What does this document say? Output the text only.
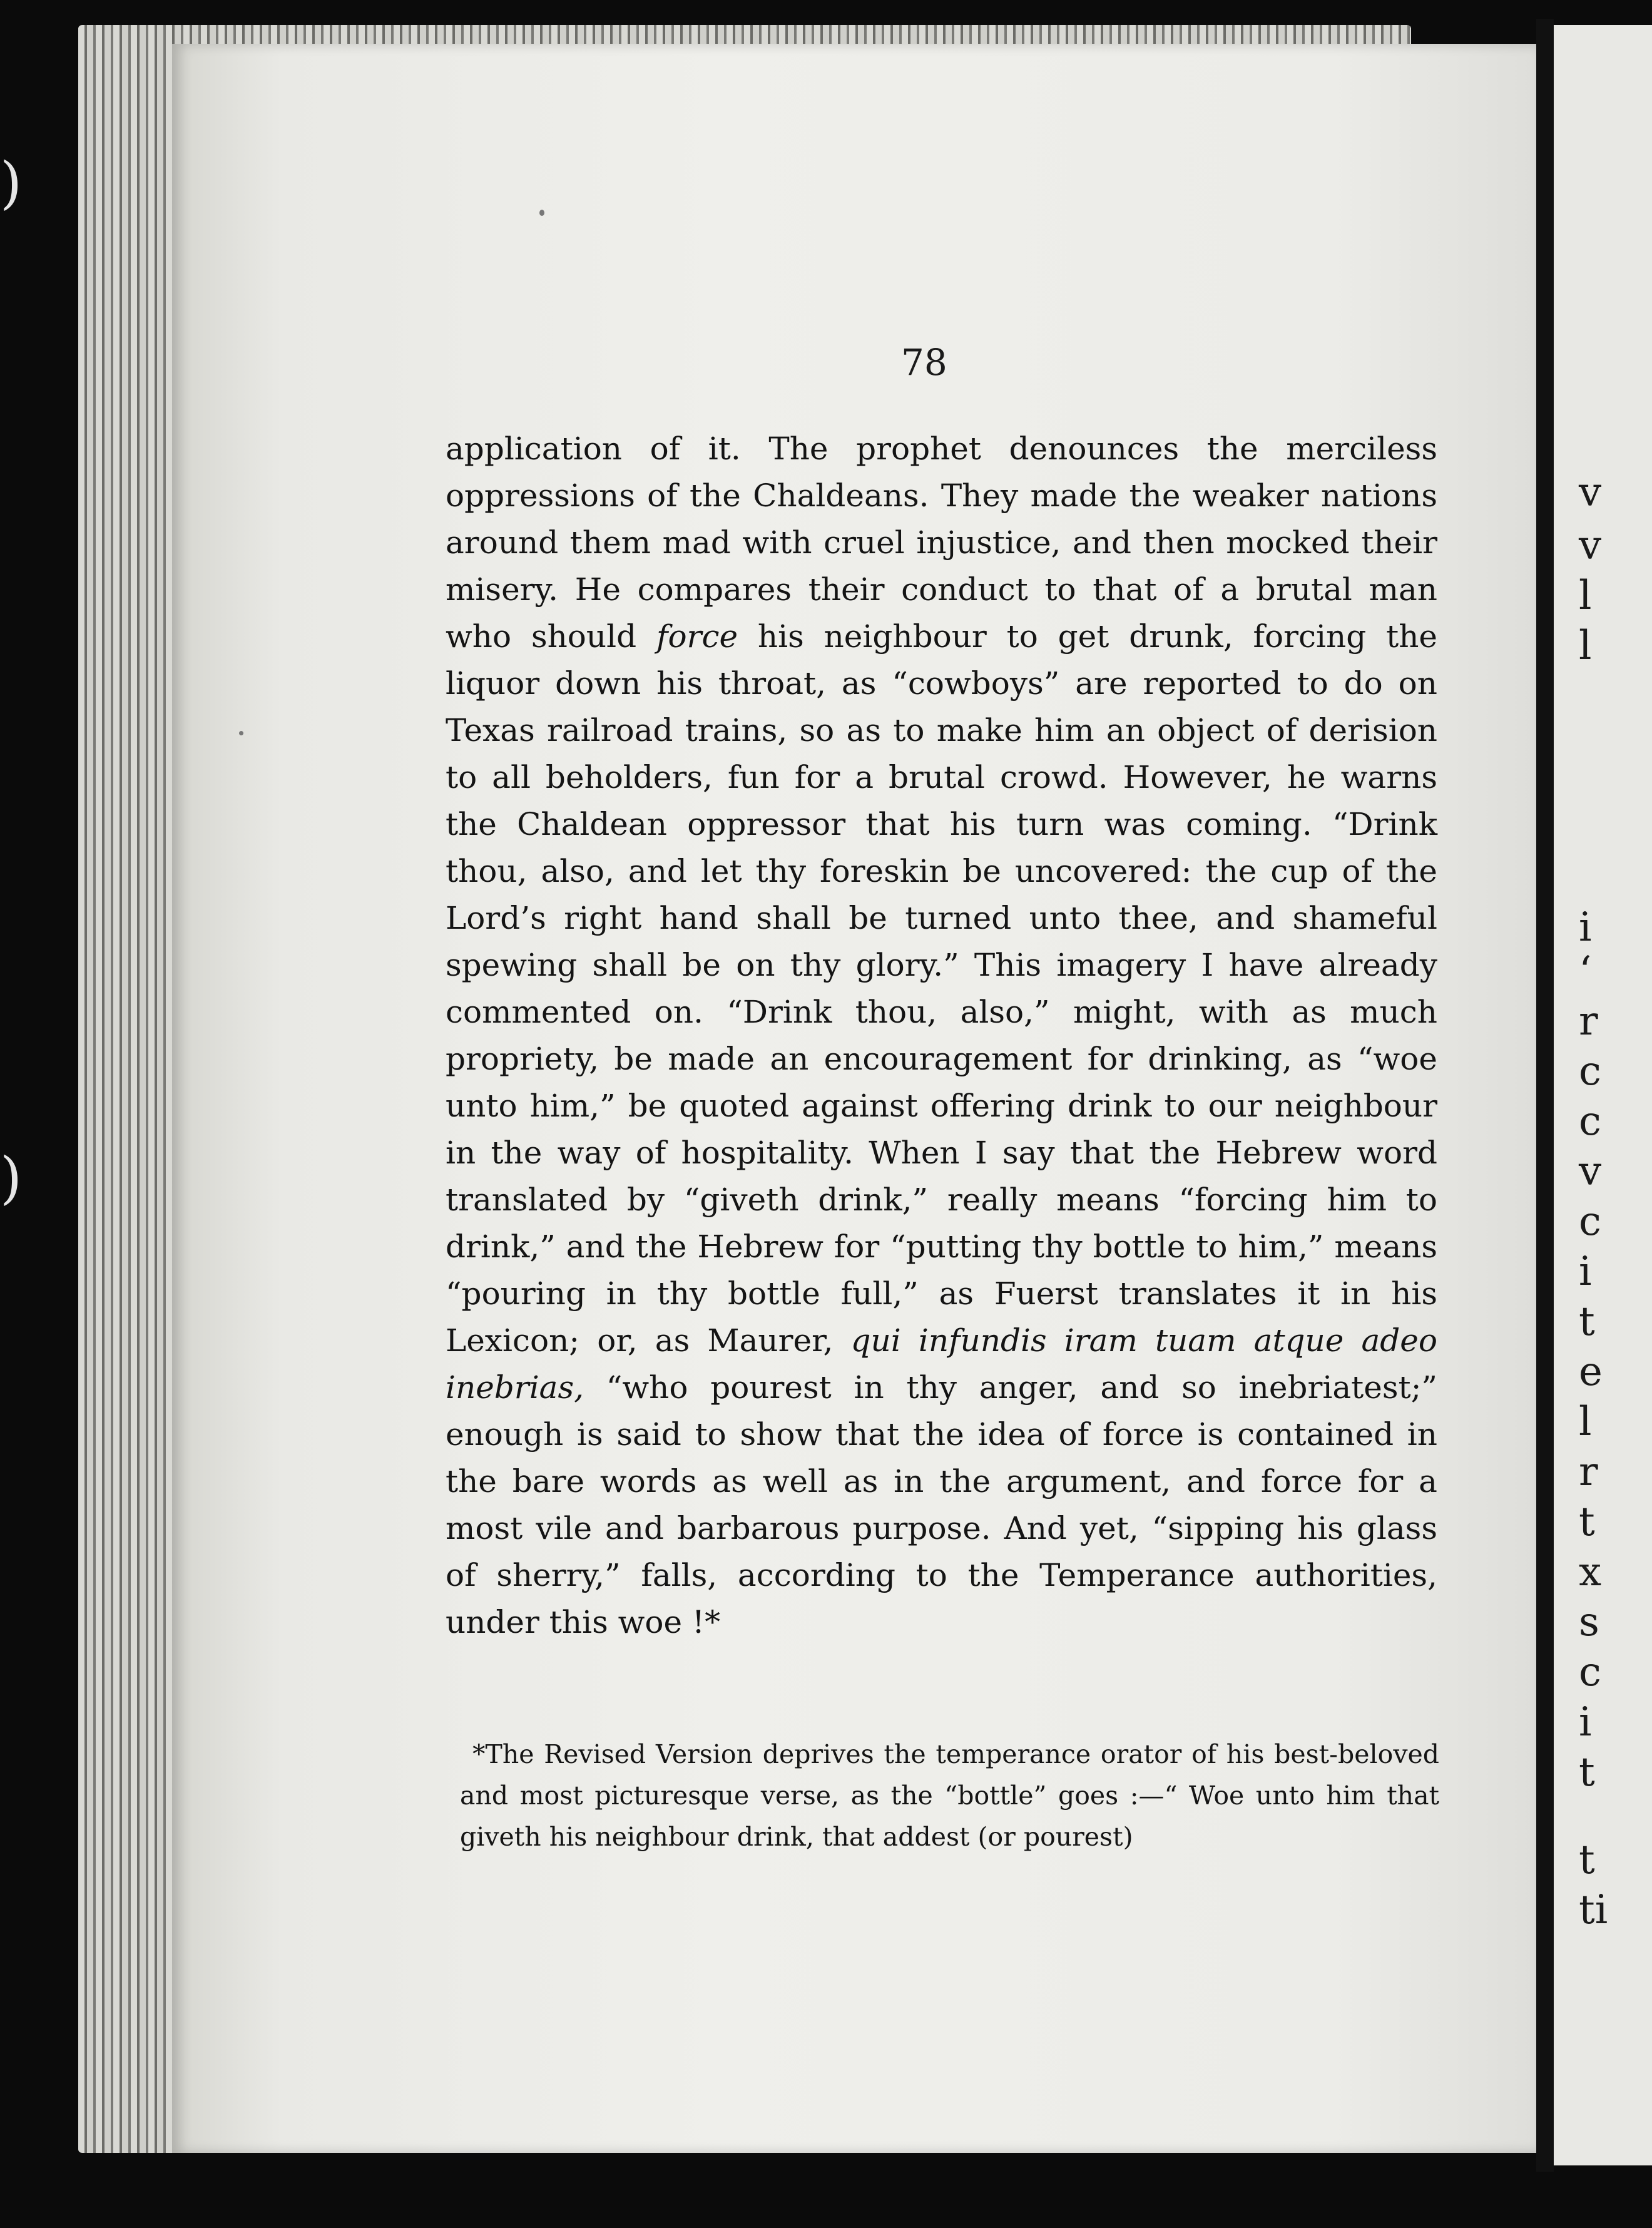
)
)
78

application of it. The prophet denounces the merciless oppressions of the Chaldeans. They made the weaker nations around them mad with cruel injustice, and then mocked their misery. He compares their conduct to that of a brutal man who should force his neighbour to get drunk, forcing the liquor down his throat, as “cowboys” are reported to do on Texas railroad trains, so as to make him an object of derision to all beholders, fun for a brutal crowd. However, he warns the Chaldean oppressor that his turn was coming. “Drink thou, also, and let thy foreskin be uncovered: the cup of the Lord’s right hand shall be turned unto thee, and shameful spewing shall be on thy glory.” This imagery I have already commented on. “Drink thou, also,” might, with as much propriety, be made an encouragement for drinking, as “woe unto him,” be quoted against offering drink to our neighbour in the way of hospitality. When I say that the Hebrew word translated by “giveth drink,” really means “forcing him to drink,” and the Hebrew for “putting thy bottle to him,” means “pouring in thy bottle full,” as Fuerst translates it in his Lexicon; or, as Maurer, qui infundis iram tuam atque adeo inebrias, “who pourest in thy anger, and so inebriatest;” enough is said to show that the idea of force is contained in the bare words as well as in the argument, and force for a most vile and barbarous purpose. And yet, “sipping his glass of sherry,” falls, according to the Temperance authorities, under this woe !*

*The Revised Version deprives the temperance orator of his best-beloved and most picturesque verse, as the “bottle” goes :—“ Woe unto him that giveth his neighbour drink, that addest (or pourest)

v
v
l
l
i
‘
r
c
c
v
c
i
t
e
l
r
t
x
s
c
i
t
t
ti
